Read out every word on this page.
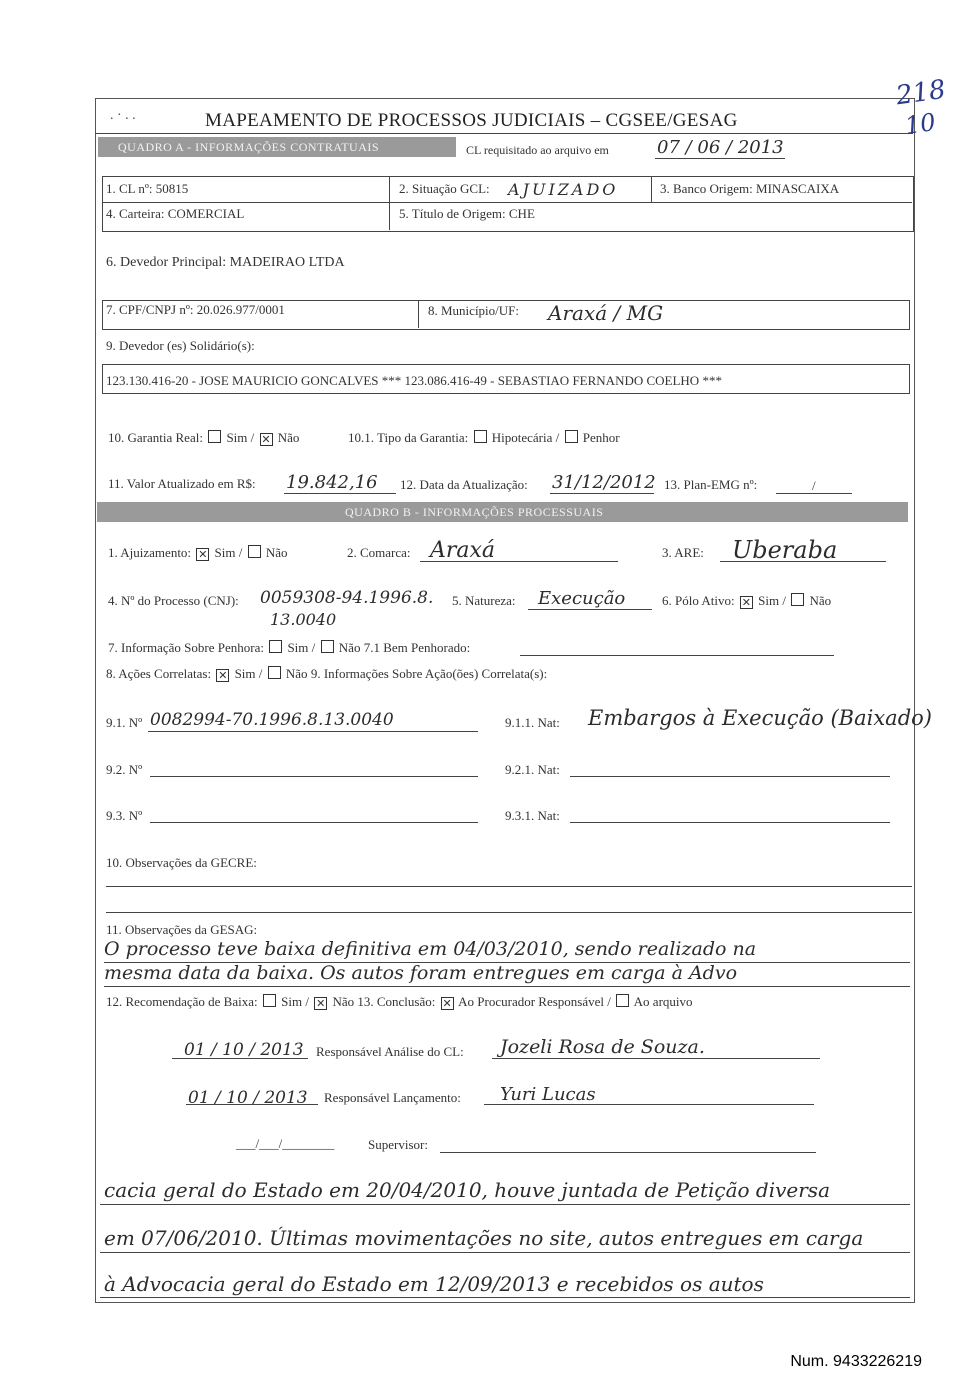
218
10
. · . .	MAPEAMENTO DE PROCESSOS JUDICIAIS – CGSEE/GESAG
QUADRO A - INFORMAÇÕES CONTRATUAIS	CL requisitado ao arquivo em	07 / 06 / 2013
1. CL nº: 50815	2. Situação GCL: AJUIZADO	3. Banco Origem: MINASCAIXA
4. Carteira: COMERCIAL	5. Título de Origem: CHE
6. Devedor Principal: MADEIRAO LTDA
7. CPF/CNPJ nº: 20.026.977/0001	8. Município/UF: Araxá / MG
9. Devedor (es) Solidário(s):
123.130.416-20 - JOSE MAURICIO GONCALVES *** 123.086.416-49 - SEBASTIAO FERNANDO COELHO ***
10. Garantia Real: Sim / ✕ Não	10.1. Tipo da Garantia: Hipotecária / Penhor
11. Valor Atualizado em R$: 19.842,16 12. Data da Atualização: 31/12/2012 13. Plan-EMG nº:	/
QUADRO B - INFORMAÇÕES PROCESSUAIS
1. Ajuizamento: ✕ Sim / Não	2. Comarca: Araxá	3. ARE: Uberaba
4. Nº do Processo (CNJ): 0059308-94.1996.8.
13.0040
5. Natureza: Execução	6. Pólo Ativo: ✕ Sim / Não
7. Informação Sobre Penhora: Sim / Não 7.1 Bem Penhorado:
8. Ações Correlatas: ✕ Sim / Não 9. Informações Sobre Ação(ões) Correlata(s):
9.1. Nº 0082994-70.1996.8.13.0040	9.1.1. Nat: Embargos à Execução (Baixado)
9.2. Nº	9.2.1. Nat:
9.3. Nº	9.3.1. Nat:
10. Observações da GECRE:
11. Observações da GESAG:
O processo teve baixa definitiva em 04/03/2010, sendo realizado na
mesma data da baixa. Os autos foram entregues em carga à Advo
12. Recomendação de Baixa: Sim / ✕ Não 13. Conclusão: ✕ Ao Procurador Responsável / Ao arquivo
01 / 10 / 2013 Responsável Análise do CL: Jozeli Rosa de Souza.
01 / 10 / 2013 Responsável Lançamento: Yuri Lucas
___/___/________	Supervisor:
cacia geral do Estado em 20/04/2010, houve juntada de Petição diversa
em 07/06/2010. Últimas movimentações no site, autos entregues em carga
à Advocacia geral do Estado em 12/09/2013 e recebidos os autos
Num. 9433226219
